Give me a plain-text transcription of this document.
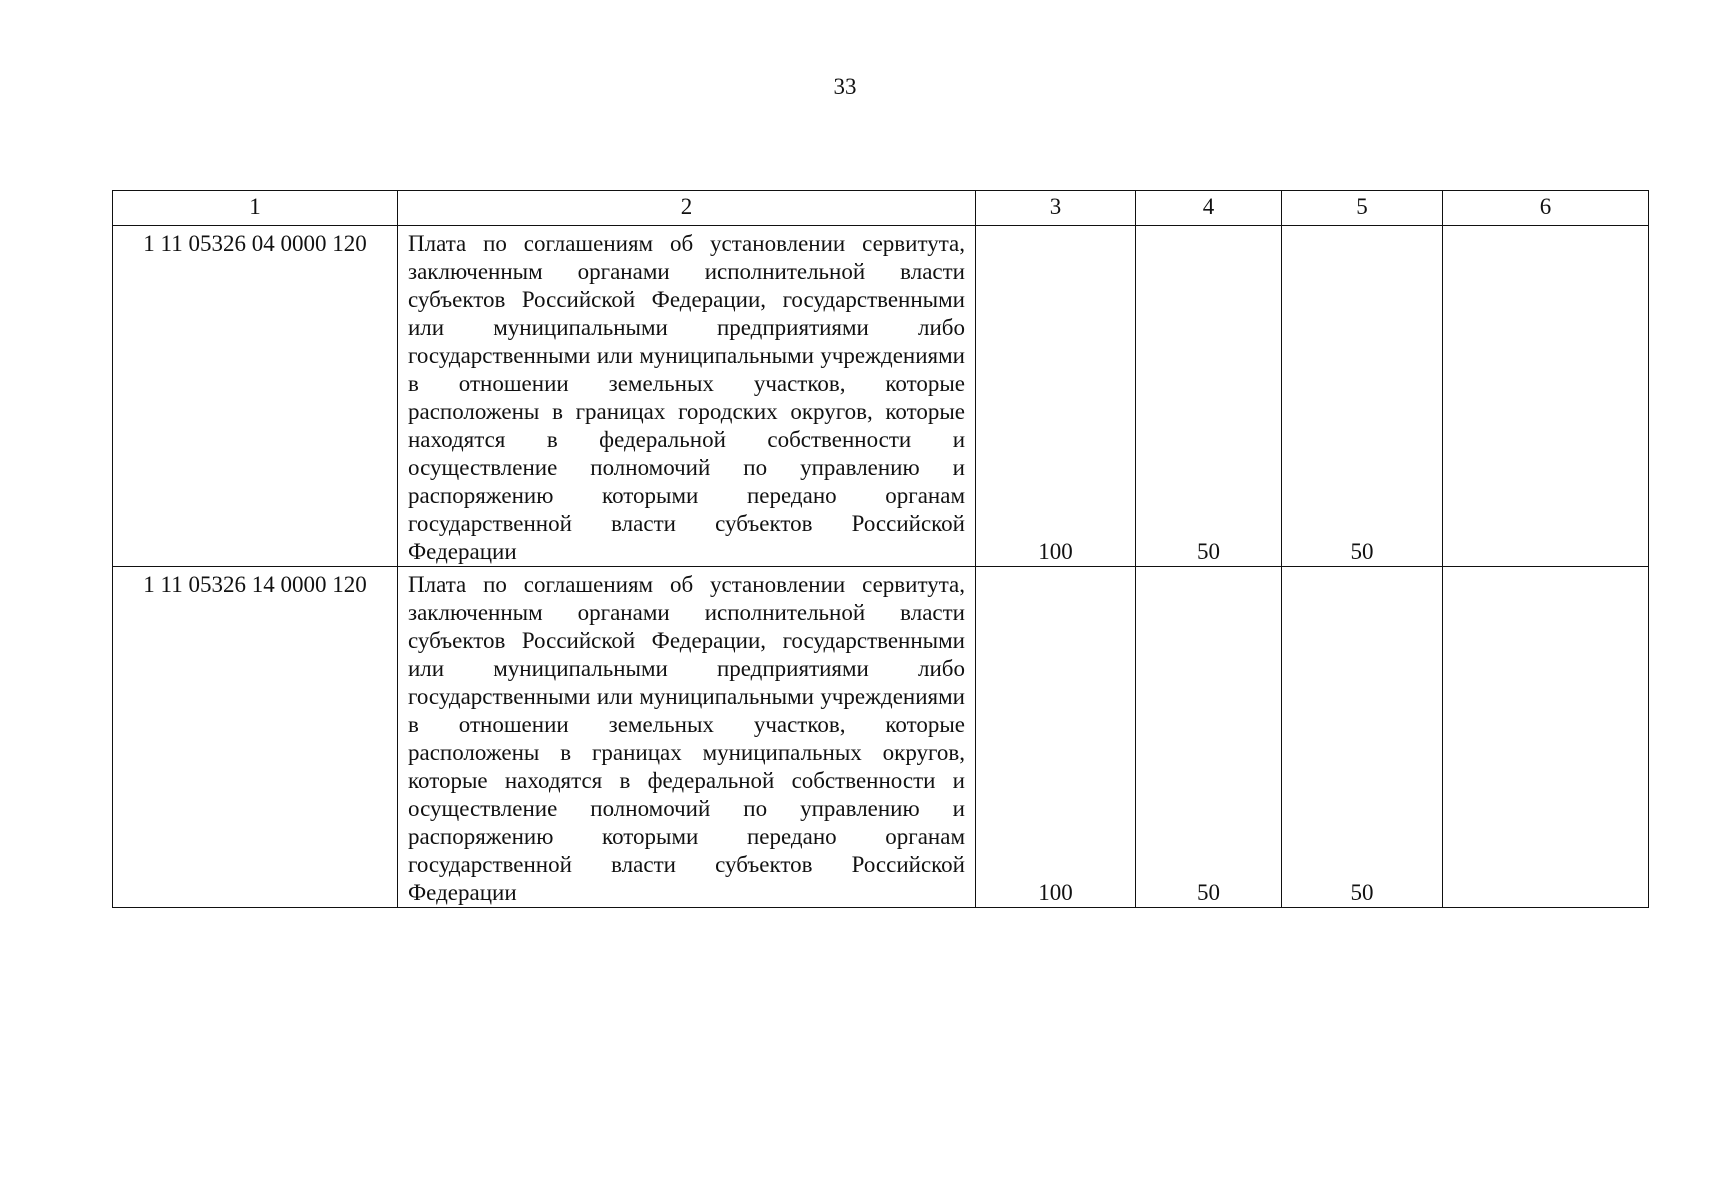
33
1	2	3	4	5	6
1 11 05326 04 0000 120	Плата по соглашениям об установлении сервитута, заключенным органами исполнительной власти субъектов Российской Федерации, государственными или муниципальными предприятиями либо государственными или муниципальными учреждениями в отношении земельных участков, которые расположены в границах городских округов, которые находятся в федеральной собственности и осуществление полномочий по управлению и распоряжению которыми передано органам государственной власти субъектов Российской Федерации	100	50	50	
1 11 05326 14 0000 120	Плата по соглашениям об установлении сервитута, заключенным органами исполнительной власти субъектов Российской Федерации, государственными или муниципальными предприятиями либо государственными или муниципальными учреждениями в отношении земельных участков, которые расположены в границах муниципальных округов, которые находятся в федеральной собственности и осуществление полномочий по управлению и распоряжению которыми передано органам государственной власти субъектов Российской Федерации	100	50	50	
